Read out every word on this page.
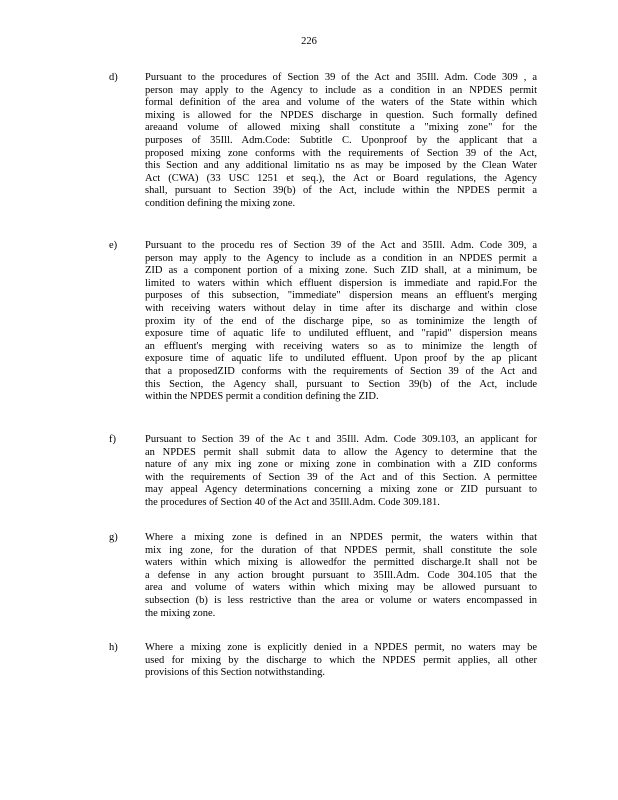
226
d)	Pursuant to the procedures of Section 39 of the Act and 35Ill. Adm. Code 309 , a
person may apply to the Agency to include as a condition in an NPDES permit
formal definition of the area and volume of the waters of the State within which
mixing is allowed for the NPDES discharge in question. Such formally defined
areaand volume of allowed mixing shall constitute a "mixing zone" for the
purposes of 35Ill. Adm.Code: Subtitle C. Uponproof by the applicant that a
proposed mixing zone conforms with the requirements of Section 39 of the Act,
this Section and any additional limitatio ns as may be imposed by the Clean Water
Act (CWA) (33 USC 1251 et seq.), the Act or Board regulations, the Agency
shall, pursuant to Section 39(b) of the Act, include within the NPDES permit a
condition defining the mixing zone.
e)	Pursuant to the procedu res of Section 39 of the Act and 35Ill. Adm. Code 309, a
person may apply to the Agency to include as a condition in an NPDES permit a
ZID as a component portion of a mixing zone. Such ZID shall, at a minimum, be
limited to waters within which effluent dispersion is immediate and rapid.For the
purposes of this subsection, "immediate" dispersion means an effluent's merging
with receiving waters without delay in time after its discharge and within close
proxim ity of the end of the discharge pipe, so as tominimize the length of
exposure time of aquatic life to undiluted effluent, and "rapid" dispersion means
an effluent's merging with receiving waters so as to minimize the length of
exposure time of aquatic life to undiluted effluent. Upon proof by the ap plicant
that a proposedZID conforms with the requirements of Section 39 of the Act and
this Section, the Agency shall, pursuant to Section 39(b) of the Act, include
within the NPDES permit a condition defining the ZID.
f)	Pursuant to Section 39 of the Ac t and 35Ill. Adm. Code 309.103, an applicant for
an NPDES permit shall submit data to allow the Agency to determine that the
nature of any mix ing zone or mixing zone in combination with a ZID conforms
with the requirements of Section 39 of the Act and of this Section. A permittee
may appeal Agency determinations concerning a mixing zone or ZID pursuant to
the procedures of Section 40 of the Act and 35Ill.Adm. Code 309.181.
g)	Where a mixing zone is defined in an NPDES permit, the waters within that
mix ing zone, for the duration of that NPDES permit, shall constitute the sole
waters within which mixing is allowedfor the permitted discharge.It shall not be
a defense in any action brought pursuant to 35Ill.Adm. Code 304.105 that the
area and volume of waters within which mixing may be allowed pursuant to
subsection (b) is less restrictive than the area or volume or waters encompassed in
the mixing zone.
h)	Where a mixing zone is explicitly denied in a NPDES permit, no waters may be
used for mixing by the discharge to which the NPDES permit applies, all other
provisions of this Section notwithstanding.
